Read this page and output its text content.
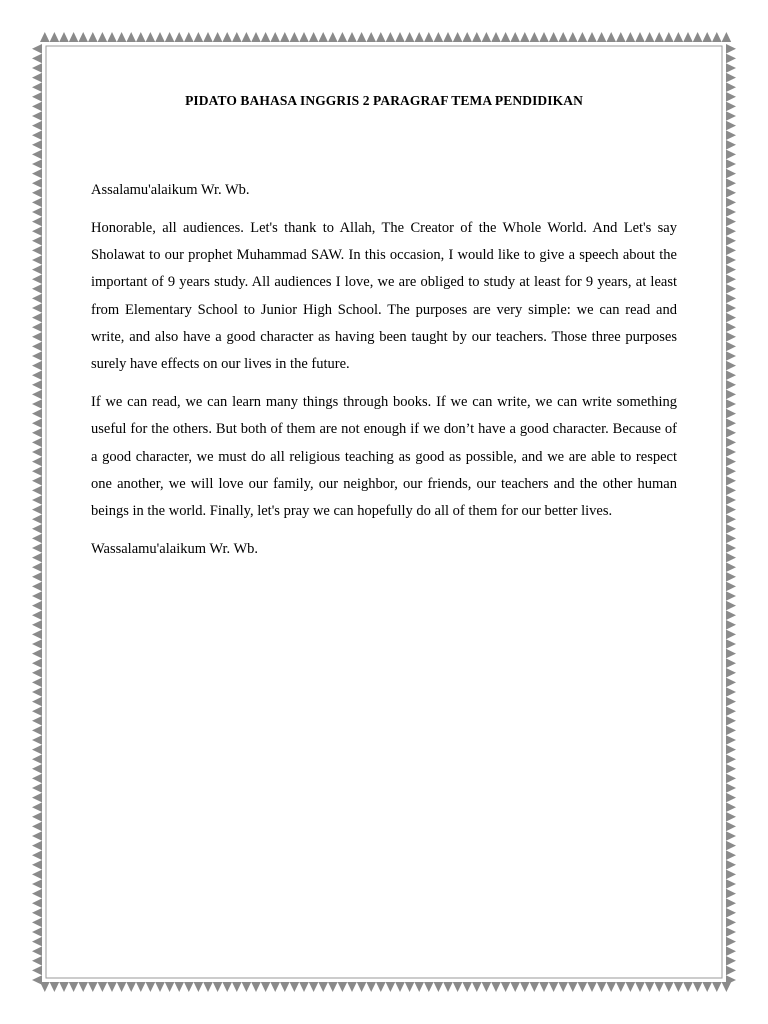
PIDATO BAHASA INGGRIS 2 PARAGRAF TEMA PENDIDIKAN

Assalamu'alaikum Wr. Wb.

Honorable, all audiences. Let's thank to Allah, The Creator of the Whole World. And Let's say Sholawat to our prophet Muhammad SAW. In this occasion, I would like to give a speech about the important of 9 years study. All audiences I love, we are obliged to study at least for 9 years, at least from Elementary School to Junior High School. The purposes are very simple: we can read and write, and also have a good character as having been taught by our teachers. Those three purposes surely have effects on our lives in the future.

If we can read, we can learn many things through books. If we can write, we can write something useful for the others. But both of them are not enough if we don’t have a good character. Because of a good character, we must do all religious teaching as good as possible, and we are able to respect one another, we will love our family, our neighbor, our friends, our teachers and the other human beings in the world. Finally, let's pray we can hopefully do all of them for our better lives.

Wassalamu'alaikum Wr. Wb.
